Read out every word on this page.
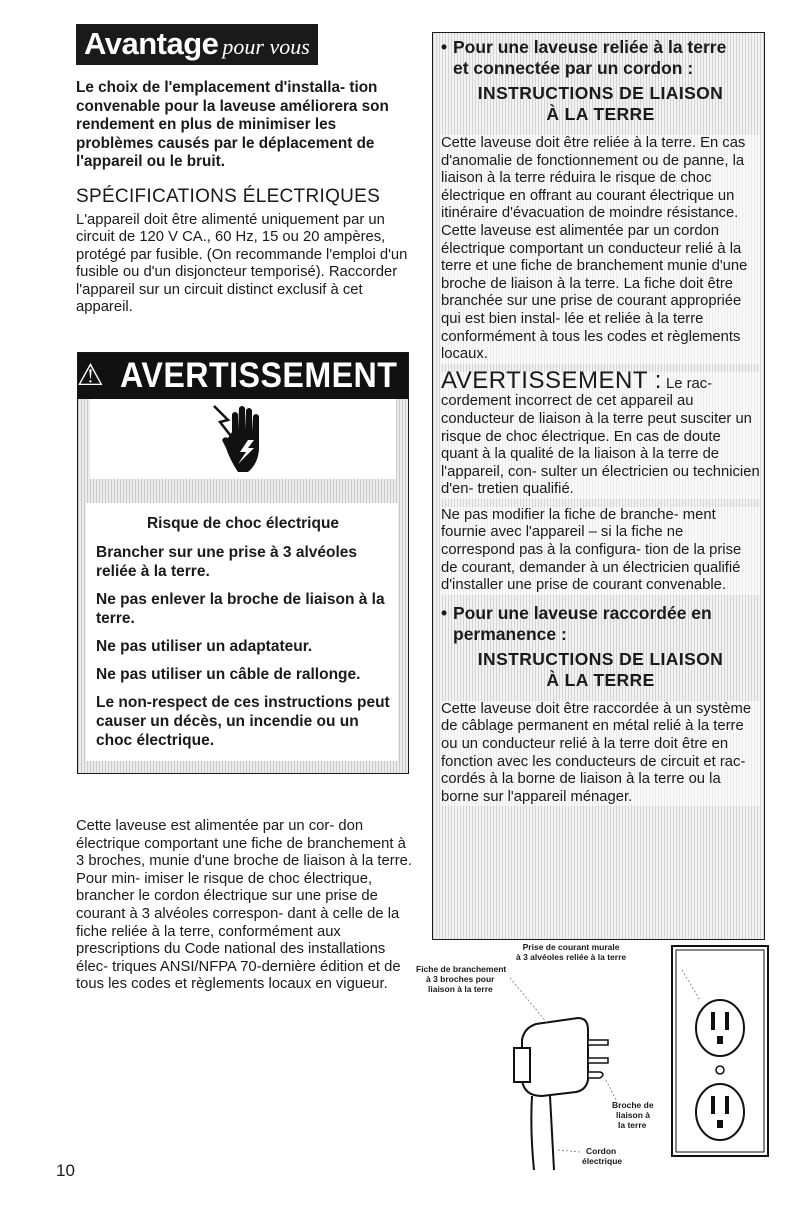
Avantage pour vous

Le choix de l'emplacement d'installa- tion convenable pour la laveuse améliorera son rendement en plus de minimiser les problèmes causés par le déplacement de l'appareil ou le bruit.

SPÉCIFICATIONS ÉLECTRIQUES

L'appareil doit être alimenté uniquement par un circuit de 120 V CA., 60 Hz, 15 ou 20 ampères, protégé par fusible. (On recommande l'emploi d'un fusible ou d'un disjoncteur temporisé). Raccorder l'appareil sur un circuit distinct exclusif à cet appareil.

⚠ AVERTISSEMENT

Risque de choc électrique

Brancher sur une prise à 3 alvéoles reliée à la terre.

Ne pas enlever la broche de liaison à la terre.

Ne pas utiliser un adaptateur.

Ne pas utiliser un câble de rallonge.

Le non-respect de ces instructions peut causer un décès, un incendie ou un choc électrique.

Cette laveuse est alimentée par un cor- don électrique comportant une fiche de branchement à 3 broches, munie d'une broche de liaison à la terre. Pour min- imiser le risque de choc électrique, brancher le cordon électrique sur une prise de courant à 3 alvéoles correspon- dant à celle de la fiche reliée à la terre, conformément aux prescriptions du Code national des installations élec- triques ANSI/NFPA 70-dernière édition et de tous les codes et règlements locaux en vigueur.

10
• Pour une laveuse reliée à la terre
et connectée par un cordon :
INSTRUCTIONS DE LIAISON
À LA TERRE

Cette laveuse doit être reliée à la terre. En cas d'anomalie de fonctionnement ou de panne, la liaison à la terre réduira le risque de choc électrique en offrant au courant électrique un itinéraire d'évacuation de moindre résistance. Cette laveuse est alimentée par un cordon électrique comportant un conducteur relié à la terre et une fiche de branchement munie d'une broche de liaison à la terre. La fiche doit être branchée sur une prise de courant appropriée qui est bien instal- lée et reliée à la terre conformément à tous les codes et règlements locaux.

AVERTISSEMENT : Le rac- cordement incorrect de cet appareil au conducteur de liaison à la terre peut susciter un risque de choc électrique. En cas de doute quant à la qualité de la liaison à la terre de l'appareil, con- sulter un électricien ou technicien d'en- tretien qualifié.

Ne pas modifier la fiche de branche- ment fournie avec l'appareil – si la fiche ne correspond pas à la configura- tion de la prise de courant, demander à un électricien qualifié d'installer une prise de courant convenable.

• Pour une laveuse raccordée en
permanence :
INSTRUCTIONS DE LIAISON
À LA TERRE

Cette laveuse doit être raccordée à un système de câblage permanent en métal relié à la terre ou un conducteur relié à la terre doit être en fonction avec les conducteurs de circuit et rac- cordés à la borne de liaison à la terre ou la borne sur l'appareil ménager.

Prise de courant murale
à 3 alvéoles reliée à la terre
Fiche de branchement
à 3 broches pour
liaison à la terre
Broche de
liaison à
la terre
Cordon
électrique
